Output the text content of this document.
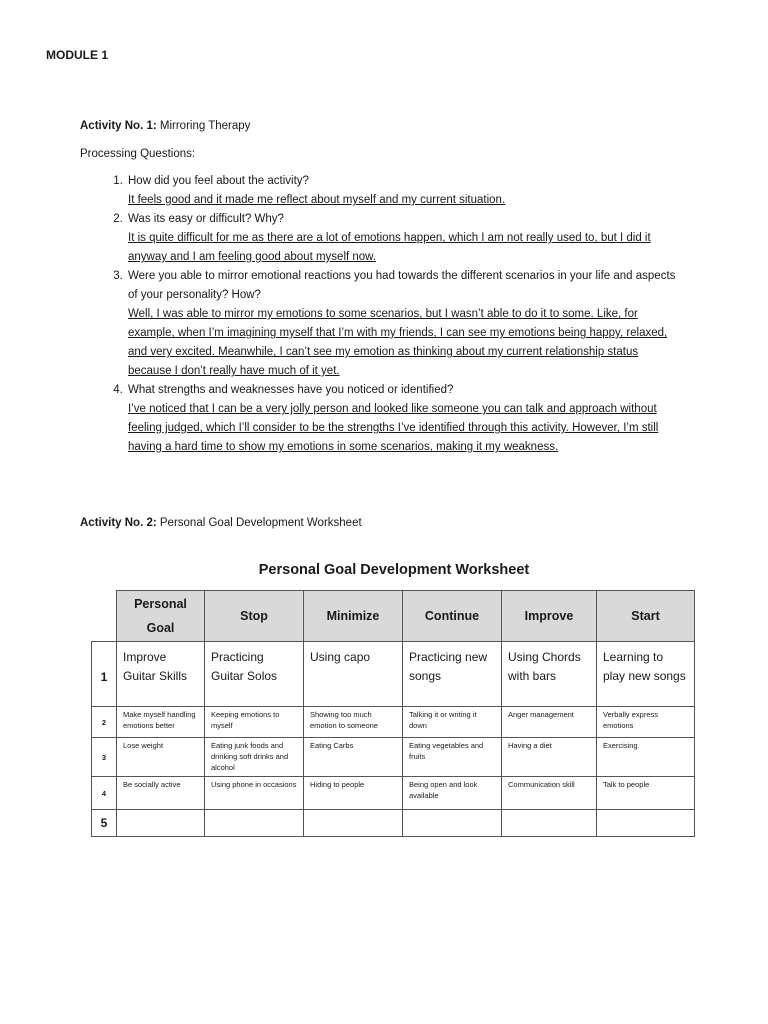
MODULE 1

Activity No. 1: Mirroring Therapy

Processing Questions:
1. How did you feel about the activity?
It feels good and it made me reflect about myself and my current situation.
2. Was its easy or difficult? Why?
It is quite difficult for me as there are a lot of emotions happen, which I am not really used to, but I did it anyway and I am feeling good about myself now.
3. Were you able to mirror emotional reactions you had towards the different scenarios in your life and aspects of your personality? How?
Well, I was able to mirror my emotions to some scenarios, but I wasn’t able to do it to some. Like, for example, when I’m imagining myself that I’m with my friends, I can see my emotions being happy, relaxed, and very excited. Meanwhile, I can’t see my emotion as thinking about my current relationship status because I don’t really have much of it yet.
4. What strengths and weaknesses have you noticed or identified?
I’ve noticed that I can be a very jolly person and looked like someone you can talk and approach without feeling judged, which I’ll consider to be the strengths I’ve identified through this activity. However, I’m still having a hard time to show my emotions in some scenarios, making it my weakness.

Activity No. 2: Personal Goal Development Worksheet

Personal Goal Development Worksheet

	Personal
Goal	Stop	Minimize	Continue	Improve	Start
1	Improve Guitar Skills	Practicing Guitar Solos	Using capo	Practicing new songs	Using Chords with bars	Learning to play new songs
2	Make myself handling emotions better	Keeping emotions to myself	Showing too much emotion to someone	Talking it or writing it down	Anger management	Verbally express emotions
3	Lose weight	Eating junk foods and drinking soft drinks and alcohol	Eating Carbs	Eating vegetables and fruits	Having a diet	Exercising
4	Be socially active	Using phone in occasions	Hiding to people	Being open and look available	Communication skill	Talk to people
5						
